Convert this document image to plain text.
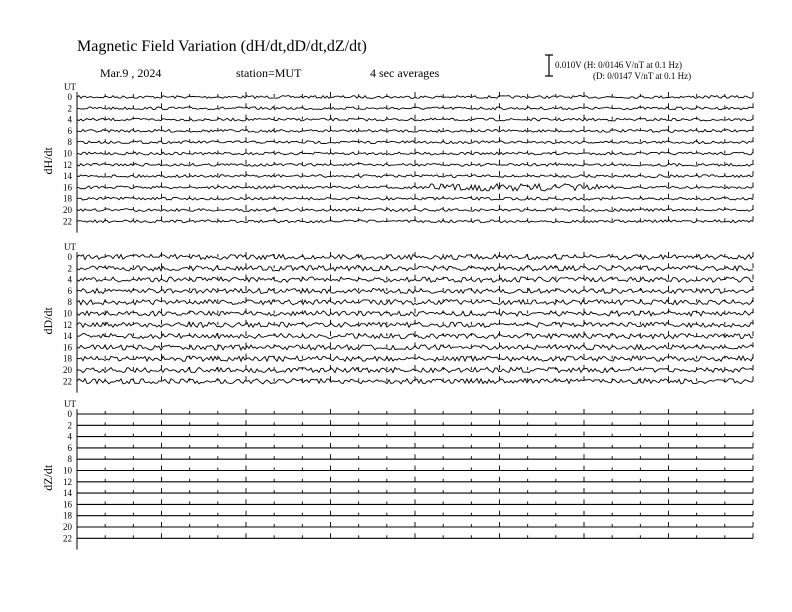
Magnetic Field Variation (dH/dt,dD/dt,dZ/dt)
Mar.9 , 2024	station=MUT	4 sec averages
0.010V (H: 0/0146 V/nT at 0.1 Hz)
(D: 0/0147 V/nT at 0.1 Hz)
UT
dH/dt
0
2
4
6
8
10
12
14
16
18
20
22
UT
dD/dt
0
2
4
6
8
10
12
14
16
18
20
22
UT
dZ/dt
0
2
4
6
8
10
12
14
16
18
20
22
